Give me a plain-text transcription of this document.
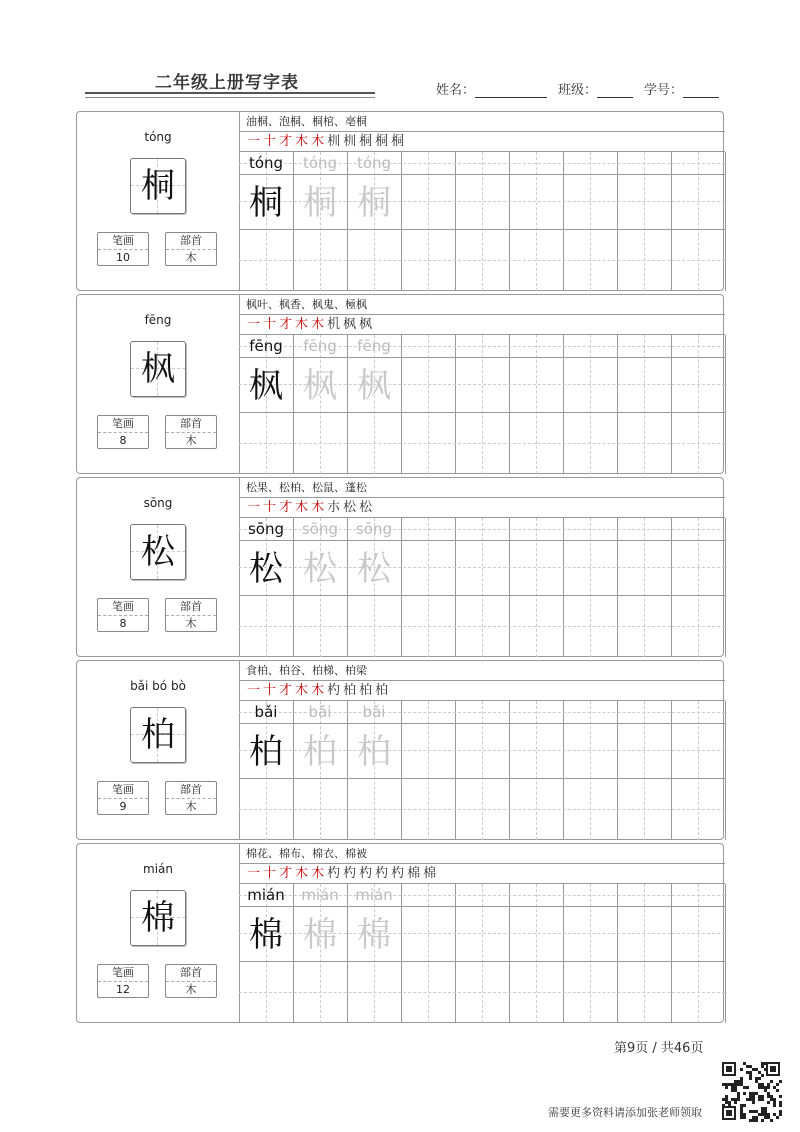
二年级上册写字表	姓名：	班级：	学号：
tóng
桐
笔画
10
部首
木
油桐、泡桐、桐棺、亳桐
一 十 才 木 木 杊 杊 桐 桐 桐
tóng
桐
tóng
桐
tóng
桐
fēng
枫
笔画
8
部首
木
枫叶、枫香、枫鬼、極枫
一 十 才 木 木 机 枫 枫
fēng
枫
fēng
枫
fēng
枫
sōng
松
笔画
8
部首
木
松果、松柏、松鼠、蓬松
一 十 才 木 木 朩 松 松
sōng
松
sōng
松
sōng
松
bǎi bó bò
柏
笔画
9
部首
木
食柏、柏谷、柏梯、柏梁
一 十 才 木 木 杓 柏 柏 柏
bǎi
柏
bǎi
柏
bǎi
柏
mián
棉
笔画
12
部首
木
棉花、棉布、棉衣、棉被
一 十 才 木 木 杓 杓 杓 杓 杓 棉 棉
mián
棉
mián
棉
mián
棉
第9页 / 共46页
需要更多资料请添加张老师领取
